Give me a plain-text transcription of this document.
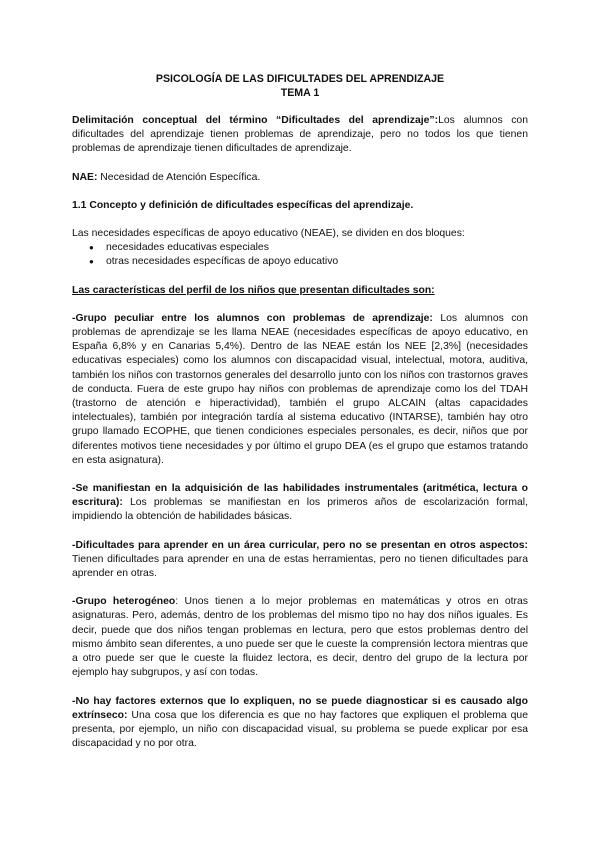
PSICOLOGÍA DE LAS DIFICULTADES DEL APRENDIZAJE

TEMA 1

Delimitación conceptual del término “Dificultades del aprendizaje”:Los alumnos con dificultades del aprendizaje tienen problemas de aprendizaje, pero no todos los que tienen problemas de aprendizaje tienen dificultades de aprendizaje.

NAE: Necesidad de Atención Específica.

1.1 Concepto y definición de dificultades específicas del aprendizaje.

Las necesidades específicas de apoyo educativo (NEAE), se dividen en dos bloques:

● necesidades educativas especiales
● otras necesidades específicas de apoyo educativo

Las características del perfil de los niños que presentan dificultades son:

-Grupo peculiar entre los alumnos con problemas de aprendizaje: Los alumnos con problemas de aprendizaje se les llama NEAE (necesidades específicas de apoyo educativo, en España 6,8% y en Canarias 5,4%). Dentro de las NEAE están los NEE [2,3%] (necesidades educativas especiales) como los alumnos con discapacidad visual, intelectual, motora, auditiva, también los niños con trastornos generales del desarrollo junto con los niños con trastornos graves de conducta. Fuera de este grupo hay niños con problemas de aprendizaje como los del TDAH (trastorno de atención e hiperactividad), también el grupo ALCAIN (altas capacidades intelectuales), también por integración tardía al sistema educativo (INTARSE), también hay otro grupo llamado ECOPHE, que tienen condiciones especiales personales, es decir, niños que por diferentes motivos tiene necesidades y por último el grupo DEA (es el grupo que estamos tratando en esta asignatura).

-Se manifiestan en la adquisición de las habilidades instrumentales (aritmética, lectura o escritura): Los problemas se manifiestan en los primeros años de escolarización formal, impidiendo la obtención de habilidades básicas.

-Dificultades para aprender en un área curricular, pero no se presentan en otros aspectos: Tienen dificultades para aprender en una de estas herramientas, pero no tienen dificultades para aprender en otras.

-Grupo heterogéneo: Unos tienen a lo mejor problemas en matemáticas y otros en otras asignaturas. Pero, además, dentro de los problemas del mismo tipo no hay dos niños iguales. Es decir, puede que dos niños tengan problemas en lectura, pero que estos problemas dentro del mismo ámbito sean diferentes, a uno puede ser que le cueste la comprensión lectora mientras que a otro puede ser que le cueste la fluidez lectora, es decir, dentro del grupo de la lectura por ejemplo hay subgrupos, y así con todas.

-No hay factores externos que lo expliquen, no se puede diagnosticar si es causado algo extrínseco: Una cosa que los diferencia es que no hay factores que expliquen el problema que presenta, por ejemplo, un niño con discapacidad visual, su problema se puede explicar por esa discapacidad y no por otra.
